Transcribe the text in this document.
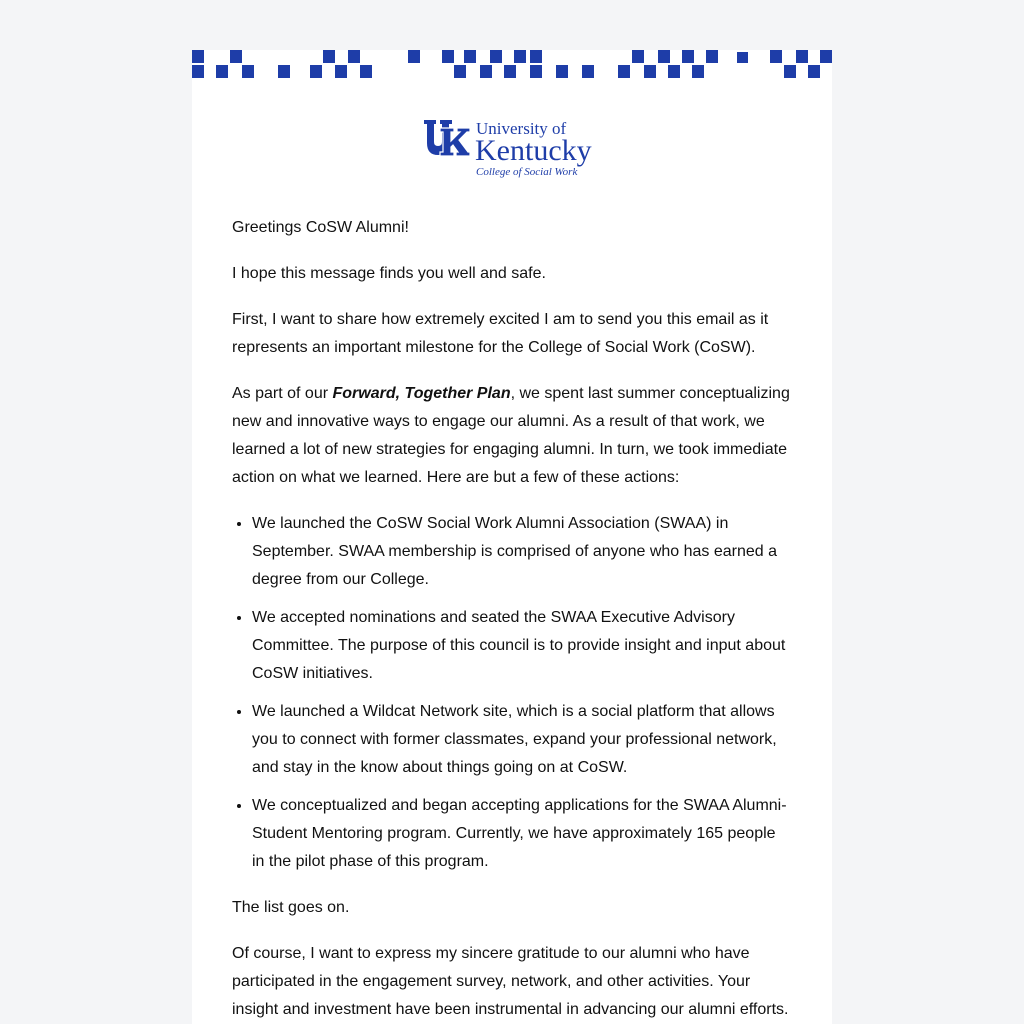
University of
Kentucky
College of Social Work

Greetings CoSW Alumni!

I hope this message finds you well and safe.

First, I want to share how extremely excited I am to send you this email as it represents an important milestone for the College of Social Work (CoSW).

As part of our Forward, Together Plan, we spent last summer conceptualizing new and innovative ways to engage our alumni. As a result of that work, we learned a lot of new strategies for engaging alumni. In turn, we took immediate action on what we learned. Here are but a few of these actions:

• We launched the CoSW Social Work Alumni Association (SWAA) in September. SWAA membership is comprised of anyone who has earned a degree from our College.
• We accepted nominations and seated the SWAA Executive Advisory Committee. The purpose of this council is to provide insight and input about CoSW initiatives.
• We launched a Wildcat Network site, which is a social platform that allows you to connect with former classmates, expand your professional network, and stay in the know about things going on at CoSW.
• We conceptualized and began accepting applications for the SWAA Alumni-Student Mentoring program. Currently, we have approximately 165 people in the pilot phase of this program.

The list goes on.

Of course, I want to express my sincere gratitude to our alumni who have participated in the engagement survey, network, and other activities. Your insight and investment have been instrumental in advancing our alumni efforts.
